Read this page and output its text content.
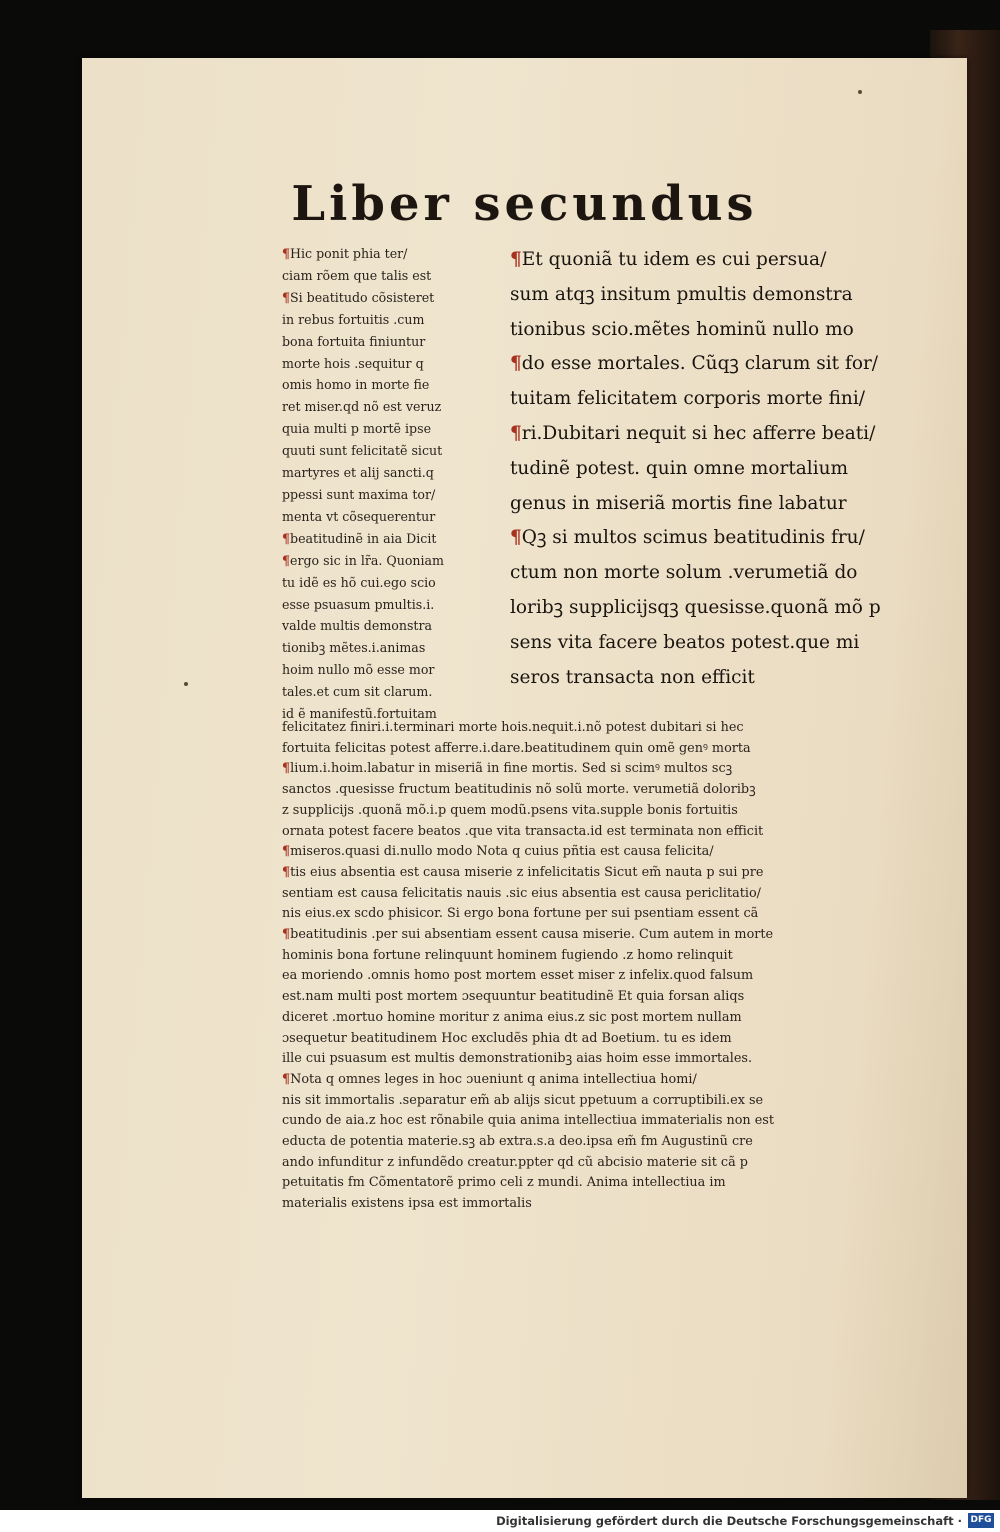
Liber secundus
¶Hic ponit phia ter/
ciam rõem que talis est
¶Si beatitudo cõsisteret
in rebus fortuitis .cum
bona fortuita finiuntur
morte hois .sequitur q
omis homo in morte fie
ret miser.qd nõ est veruz
quia multi p mortẽ ipse
quuti sunt felicitatẽ sicut
martyres et alij sancti.q
ppessi sunt maxima tor/
menta vt cõsequerentur
¶beatitudinẽ in aia Dicit
¶ergo sic in lr̃a. Quoniam
tu idẽ es hõ cui.ego scio
esse psuasum pmultis.i.
valde multis demonstra
tionibꝫ mẽtes.i.animas
hoim nullo mõ esse mor
tales.et cum sit clarum.
id ẽ manifestũ.fortuitam
¶Et quoniã tu idem es cui persua/
sum atqꝫ insitum pmultis demonstra
tionibus scio.mẽtes hominũ nullo mo
¶do esse mortales. Cũqꝫ clarum sit for/
tuitam felicitatem corporis morte fini/
¶ri.Dubitari nequit si hec afferre beati/
tudinẽ potest. quin omne mortalium
genus in miseriã mortis fine labatur
¶Qꝫ si multos scimus beatitudinis fru/
ctum non morte solum .verumetiã do
loribꝫ supplicijsqꝫ quesisse.quonã mõ p
sens vita facere beatos potest.que mi
seros transacta non efficit
felicitatez finiri.i.terminari morte hois.nequit.i.nõ potest dubitari si hec
fortuita felicitas potest afferre.i.dare.beatitudinem quin omẽ genꝰ morta
¶lium.i.hoim.labatur in miseriã in fine mortis. Sed si scimꝰ multos scꝫ
sanctos .quesisse fructum beatitudinis nõ solũ morte. verumetiã doloribꝫ
z supplicijs .quonã mõ.i.p quem modũ.psens vita.supple bonis fortuitis
ornata potest facere beatos .que vita transacta.id est terminata non efficit
¶miseros.quasi di.nullo modo Nota q cuius pñtia est causa felicita/
¶tis eius absentia est causa miserie z infelicitatis Sicut em̃ nauta p sui pre
sentiam est causa felicitatis nauis .sic eius absentia est causa periclitatio/
nis eius.ex scdo phisicor. Si ergo bona fortune per sui psentiam essent cã
¶beatitudinis .per sui absentiam essent causa miserie. Cum autem in morte
hominis bona fortune relinquunt hominem fugiendo .z homo relinquit
ea moriendo .omnis homo post mortem esset miser z infelix.quod falsum
est.nam multi post mortem ɔsequuntur beatitudinẽ Et quia forsan aliqs
diceret .mortuo homine moritur z anima eius.z sic post mortem nullam
ɔsequetur beatitudinem Hoc excludẽs phia dt ad Boetium. tu es idem
ille cui psuasum est multis demonstrationibꝫ aias hoim esse immortales.
¶Nota q omnes leges in hoc ɔueniunt q anima intellectiua homi/
nis sit immortalis .separatur em̃ ab alijs sicut ppetuum a corruptibili.ex se
cundo de aia.z hoc est rõnabile quia anima intellectiua immaterialis non est
educta de potentia materie.sꝫ ab extra.s.a deo.ipsa em̃ fm Augustinũ cre
ando infunditur z infundẽdo creatur.ppter qd cũ abcisio materie sit cã p
petuitatis fm Cõmentatorẽ primo celi z mundi. Anima intellectiua im
materialis existens ipsa est immortalis
Digitalisierung gefördert durch die Deutsche Forschungsgemeinschaft · DFG
